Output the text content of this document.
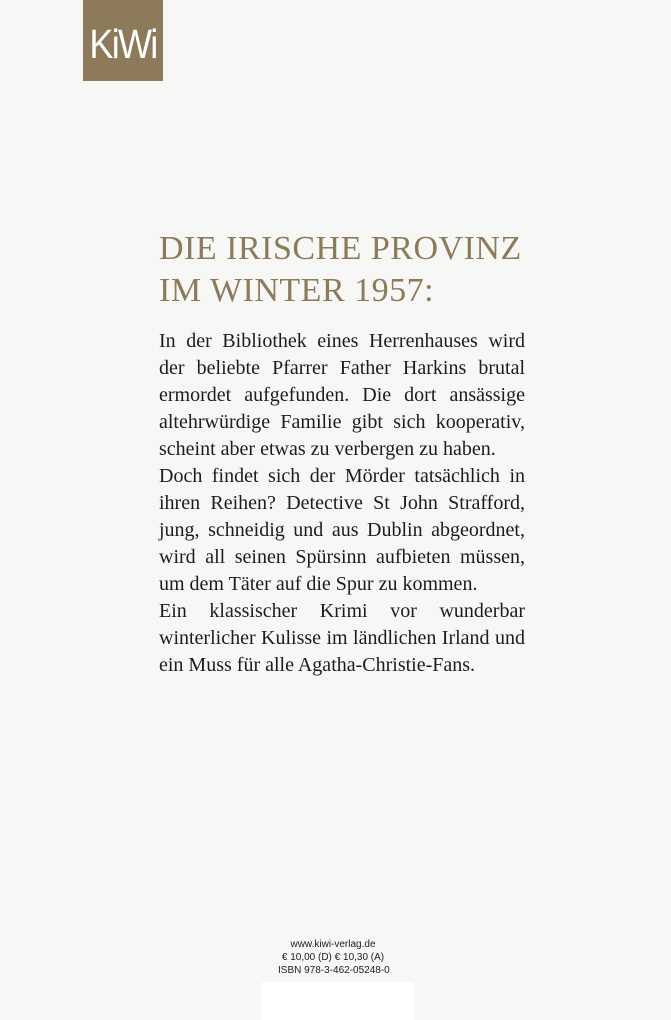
KiWi
DIE IRISCHE PROVINZ
IM WINTER 1957:

In der Bibliothek eines Herrenhauses wird der beliebte Pfarrer Father Harkins brutal ermordet aufgefunden. Die dort ansässige altehrwürdige Familie gibt sich kooperativ, scheint aber etwas zu verbergen zu haben.

Doch findet sich der Mörder tatsächlich in ihren Reihen? Detective St John Strafford, jung, schneidig und aus Dublin abgeordnet, wird all seinen Spürsinn aufbieten müssen, um dem Täter auf die Spur zu kommen.

Ein klassischer Krimi vor wunderbar winterlicher Kulisse im ländlichen Irland und ein Muss für alle Agatha-Christie-Fans.

www.kiwi-verlag.de
€ 10,00 (D) € 10,30 (A)
ISBN 978-3-462-05248-0
